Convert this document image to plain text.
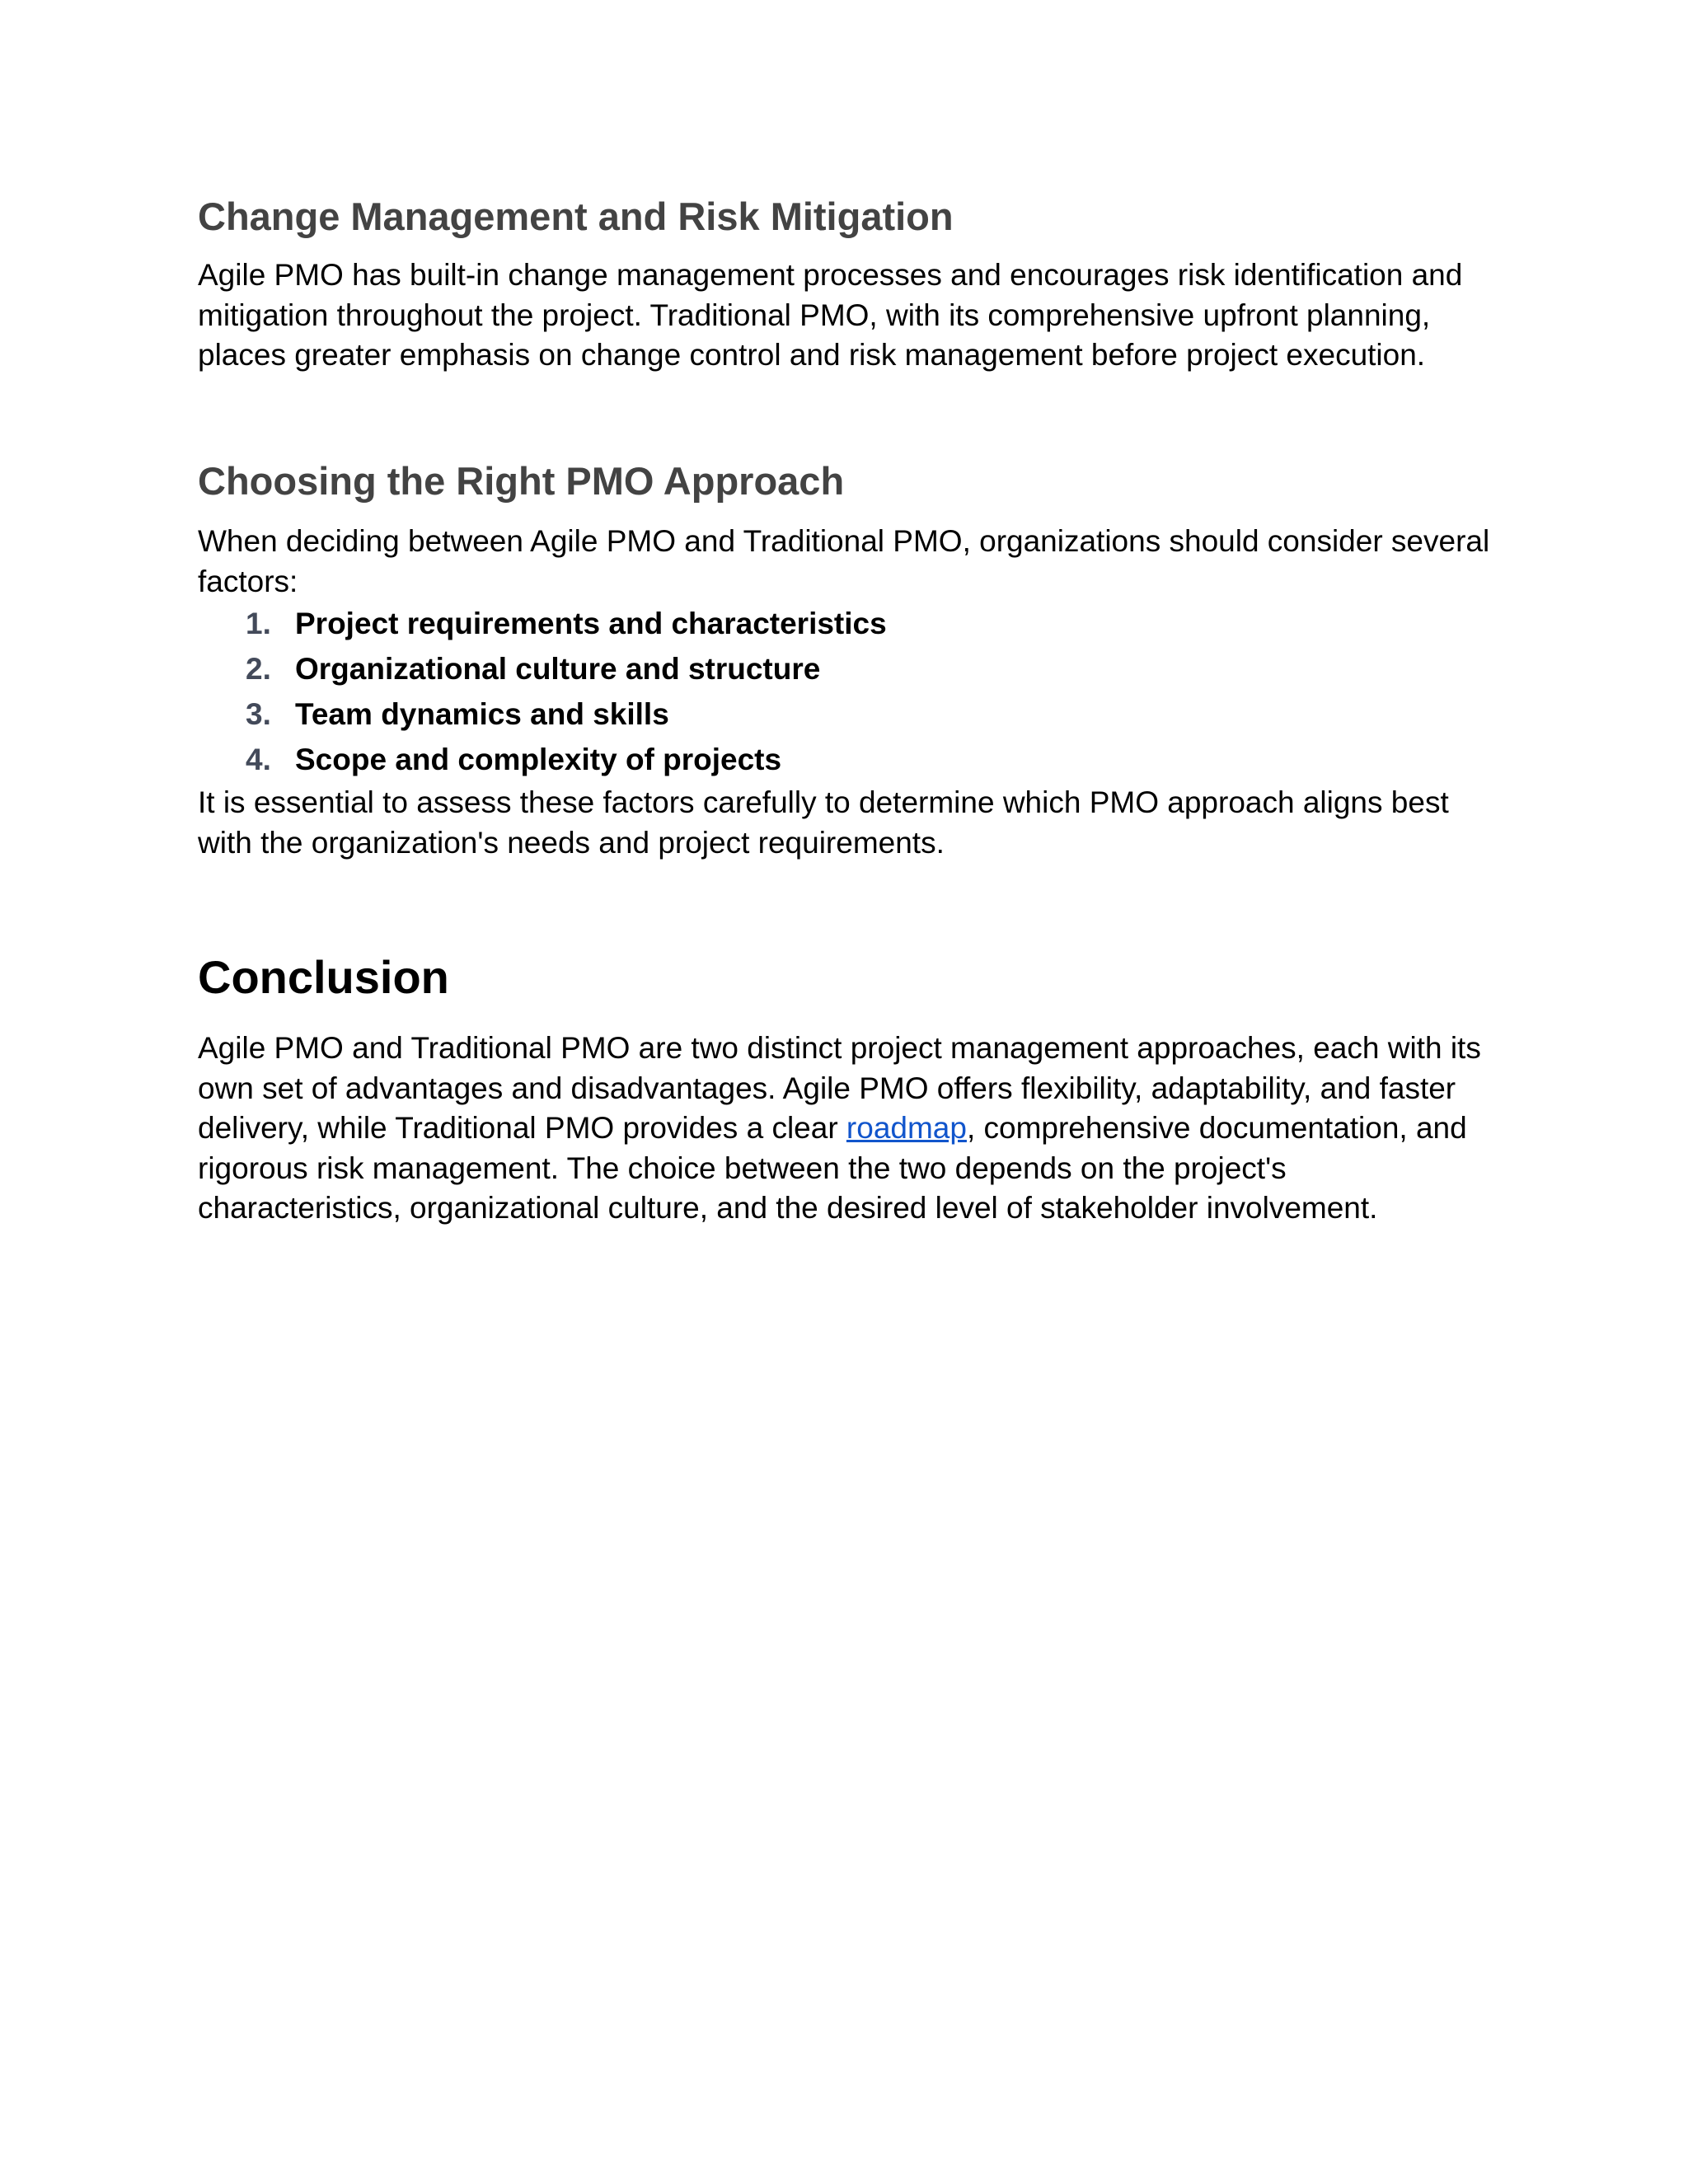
Change Management and Risk Mitigation
Agile PMO has built-in change management processes and encourages risk identification and
mitigation throughout the project. Traditional PMO, with its comprehensive upfront planning,
places greater emphasis on change control and risk management before project execution.
Choosing the Right PMO Approach
When deciding between Agile PMO and Traditional PMO, organizations should consider several
factors:
1. Project requirements and characteristics
2. Organizational culture and structure
3. Team dynamics and skills
4. Scope and complexity of projects
It is essential to assess these factors carefully to determine which PMO approach aligns best
with the organization's needs and project requirements.
Conclusion
Agile PMO and Traditional PMO are two distinct project management approaches, each with its
own set of advantages and disadvantages. Agile PMO offers flexibility, adaptability, and faster
delivery, while Traditional PMO provides a clear roadmap, comprehensive documentation, and
rigorous risk management. The choice between the two depends on the project's
characteristics, organizational culture, and the desired level of stakeholder involvement.
